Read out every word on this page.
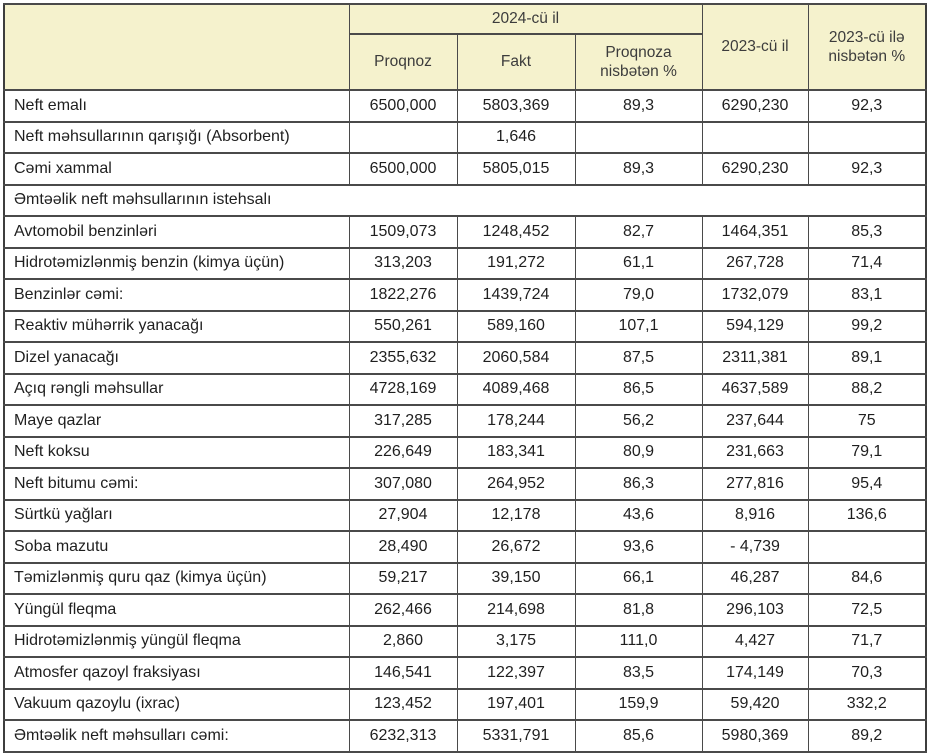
	2024-cü il			2023-cü il	2023-cü ilə nisbətən %
	Proqnoz	Fakt	Proqnoza nisbətən %		
Neft emalı	6500,000	5803,369	89,3	6290,230	92,3
Neft məhsullarının qarışığı (Absorbent)		1,646			
Cəmi xammal	6500,000	5805,015	89,3	6290,230	92,3
Əmtəəlik neft məhsullarının istehsalı					
Avtomobil benzinləri	1509,073	1248,452	82,7	1464,351	85,3
Hidrotəmizlənmiş benzin (kimya üçün)	313,203	191,272	61,1	267,728	71,4
Benzinlər cəmi:	1822,276	1439,724	79,0	1732,079	83,1
Reaktiv mühərrik yanacağı	550,261	589,160	107,1	594,129	99,2
Dizel yanacağı	2355,632	2060,584	87,5	2311,381	89,1
Açıq rəngli məhsullar	4728,169	4089,468	86,5	4637,589	88,2
Maye qazlar	317,285	178,244	56,2	237,644	75
Neft koksu	226,649	183,341	80,9	231,663	79,1
Neft bitumu cəmi:	307,080	264,952	86,3	277,816	95,4
Sürtkü yağları	27,904	12,178	43,6	8,916	136,6
Soba mazutu	28,490	26,672	93,6	- 4,739	
Təmizlənmiş quru qaz (kimya üçün)	59,217	39,150	66,1	46,287	84,6
Yüngül fleqma	262,466	214,698	81,8	296,103	72,5
Hidrotəmizlənmiş yüngül fleqma	2,860	3,175	111,0	4,427	71,7
Atmosfer qazoyl fraksiyası	146,541	122,397	83,5	174,149	70,3
Vakuum qazoylu (ixrac)	123,452	197,401	159,9	59,420	332,2
Əmtəəlik neft məhsulları cəmi:	6232,313	5331,791	85,6	5980,369	89,2
